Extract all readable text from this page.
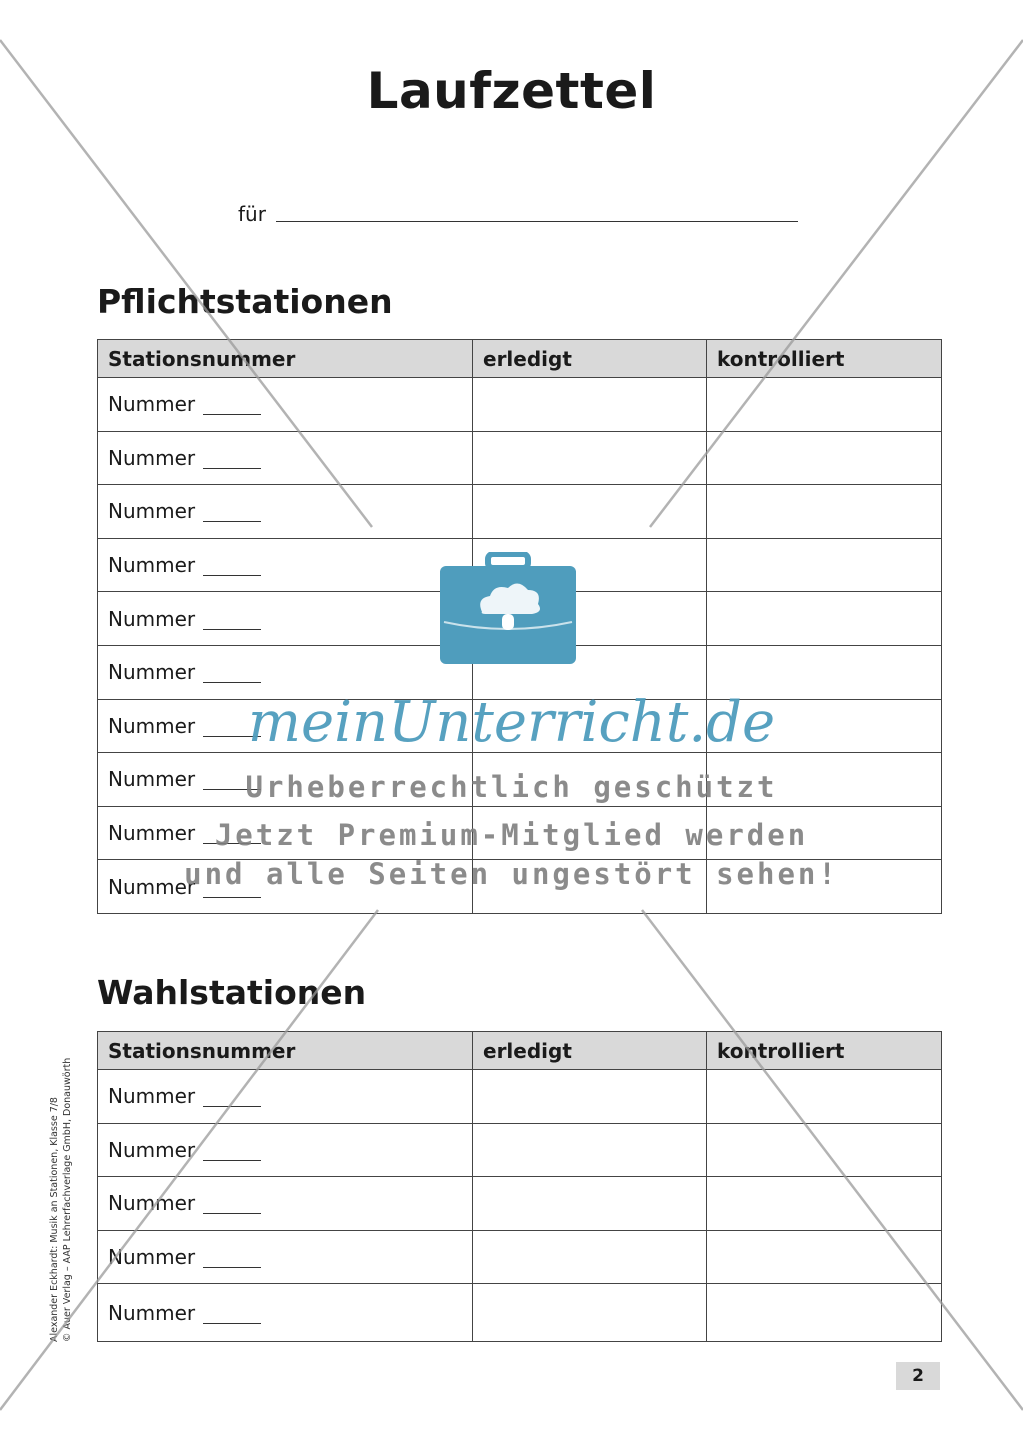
Laufzettel
für
Pflichtstationen
Stationsnummer	erledigt	kontrolliert
Nummer		
Nummer		
Nummer		
Nummer		
Nummer		
Nummer		
Nummer		
Nummer		
Nummer		
Nummer		
Wahlstationen
Stationsnummer	erledigt	kontrolliert
Nummer		
Nummer		
Nummer		
Nummer		
Nummer		
Alexander Eckhardt: Musik an Stationen, Klasse 7/8 © Auer Verlag – AAP Lehrerfachverlage GmbH, Donauwörth
2
meinUnterricht.de
Urheberrechtlich geschützt
Jetzt Premium-Mitglied werden
und alle Seiten ungestört sehen!
